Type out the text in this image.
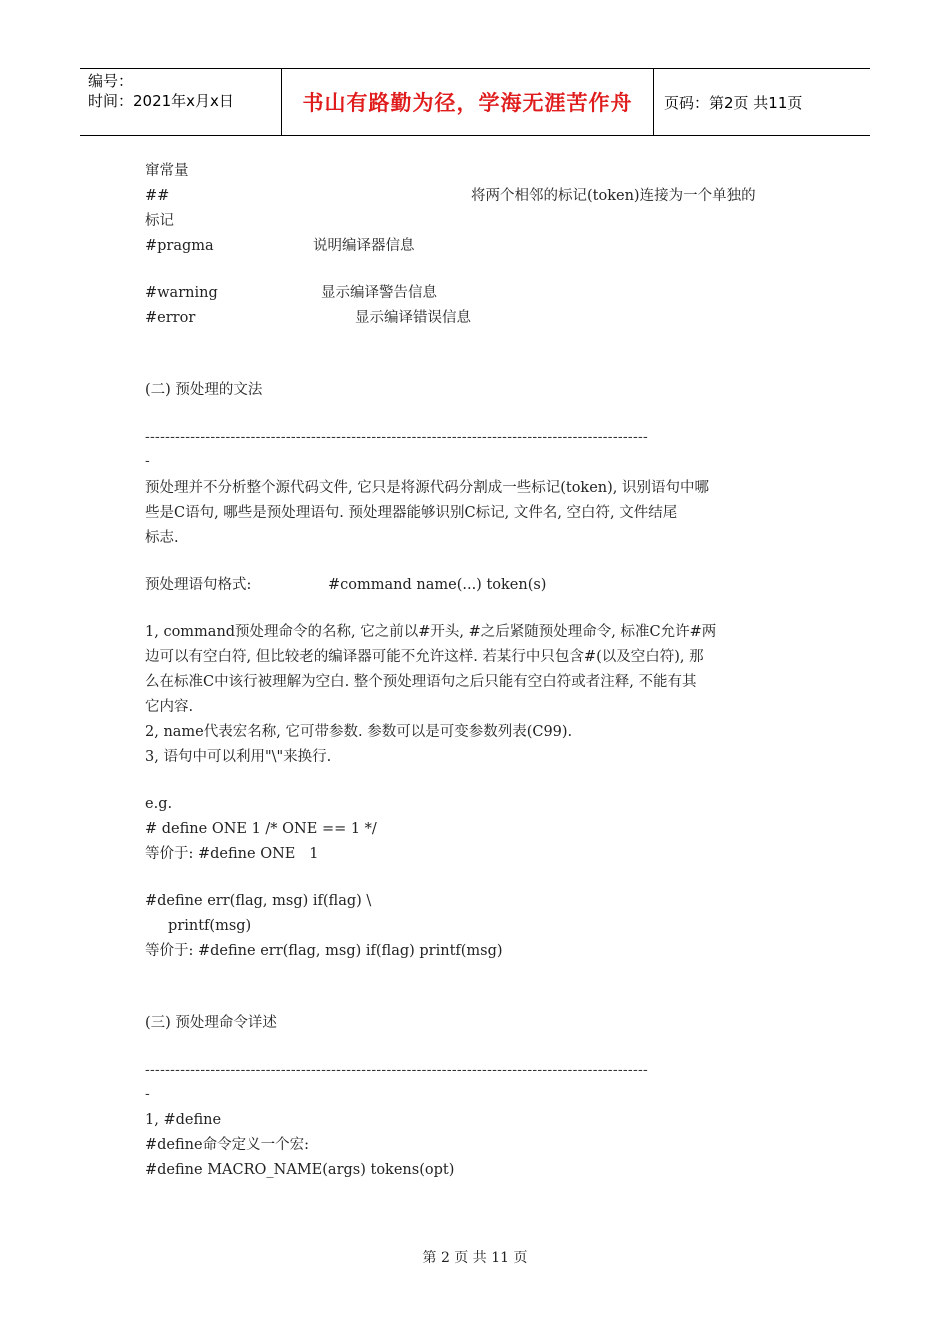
编号：
时间：2021年x月x日	书山有路勤为径，学海无涯苦作舟	页码：第2页 共11页
窜常量
##	将两个相邻的标记(token)连接为一个单独的
标记
#pragma	说明编译器信息
#warning	显示编译警告信息
#error	显示编译错误信息
(二) 预处理的文法
----------------------------------------------------------------------------------------------------
-
预处理并不分析整个源代码文件, 它只是将源代码分割成一些标记(token), 识别语句中哪
些是C语句, 哪些是预处理语句. 预处理器能够识别C标记, 文件名, 空白符, 文件结尾
标志.
预处理语句格式:	#command name(...) token(s)
1, command预处理命令的名称, 它之前以#开头, #之后紧随预处理命令, 标准C允许#两
边可以有空白符, 但比较老的编译器可能不允许这样. 若某行中只包含#(以及空白符), 那
么在标准C中该行被理解为空白. 整个预处理语句之后只能有空白符或者注释, 不能有其
它内容.
2, name代表宏名称, 它可带参数. 参数可以是可变参数列表(C99).
3, 语句中可以利用"\"来换行.
e.g.
# define ONE 1 /* ONE == 1 */
等价于: #define ONE   1
#define err(flag, msg) if(flag) \
printf(msg)
等价于: #define err(flag, msg) if(flag) printf(msg)
(三) 预处理命令详述
----------------------------------------------------------------------------------------------------
-
1, #define
#define命令定义一个宏:
#define MACRO_NAME(args) tokens(opt)
第 2 页 共 11 页
